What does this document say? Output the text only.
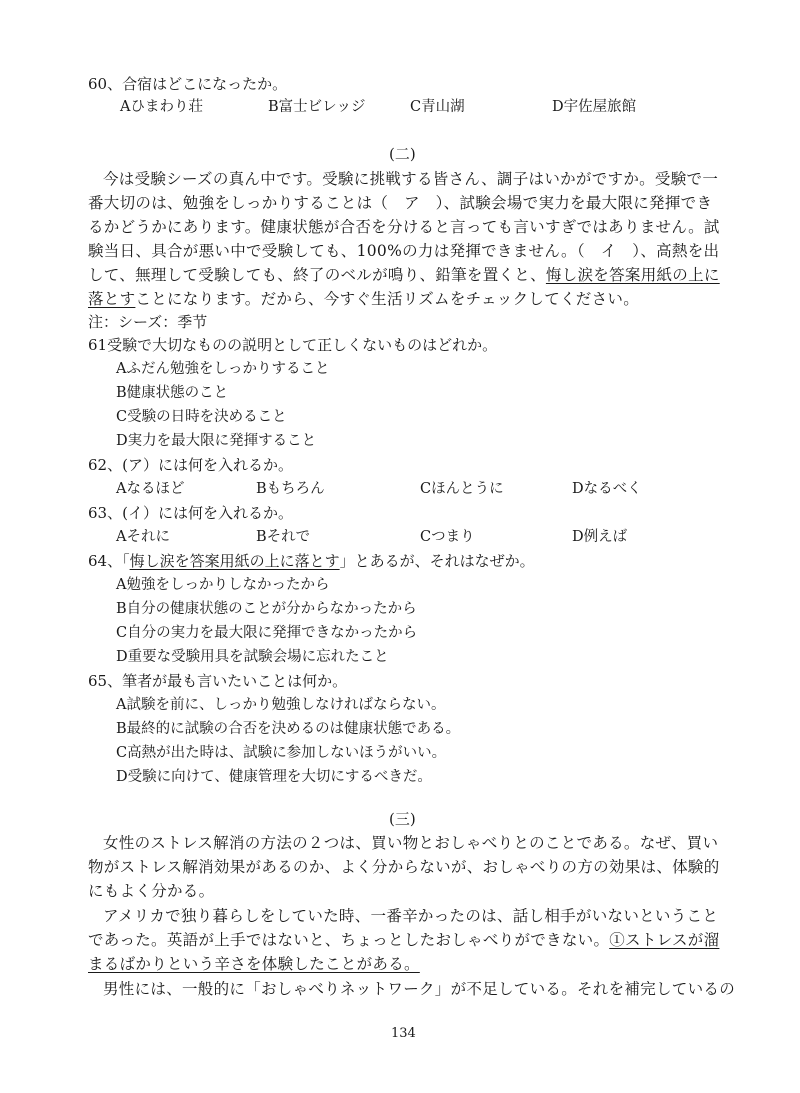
60、合宿はどこになったか。
Aひまわり荘	B富士ビレッジ	C青山湖	D宇佐屋旅館
(二)
今は受験シーズの真ん中です。受験に挑戦する皆さん、調子はいかがですか。受験で一
番大切のは、勉強をしっかりすることは（　ア　）、試験会場で実力を最大限に発揮でき
るかどうかにあります。健康状態が合否を分けると言っても言いすぎではありません。試
験当日、具合が悪い中で受験しても、100%の力は発揮できません。（　イ　）、高熱を出
して、無理して受験しても、終了のベルが鳴り、鉛筆を置くと、悔し涙を答案用紙の上に
落とすことになります。だから、今すぐ生活リズムをチェックしてください。
注：シーズ：季节
61受験で大切なものの説明として正しくないものはどれか。
Aふだん勉強をしっかりすること
B健康状態のこと
C受験の日時を決めること
D実力を最大限に発揮すること
62、(ア）には何を入れるか。
Aなるほど	Bもちろん	Cほんとうに	Dなるべく
63、(イ）には何を入れるか。
Aそれに	Bそれで	Cつまり	D例えば
64、「悔し涙を答案用紙の上に落とす」とあるが、それはなぜか。
A勉強をしっかりしなかったから
B自分の健康状態のことが分からなかったから
C自分の実力を最大限に発揮できなかったから
D重要な受験用具を試験会場に忘れたこと
65、筆者が最も言いたいことは何か。
A試験を前に、しっかり勉強しなければならない。
B最終的に試験の合否を決めるのは健康状態である。
C高熱が出た時は、試験に参加しないほうがいい。
D受験に向けて、健康管理を大切にするべきだ。
(三)
女性のストレス解消の方法の２つは、買い物とおしゃべりとのことである。なぜ、買い
物がストレス解消効果があるのか、よく分からないが、おしゃべりの方の効果は、体験的
にもよく分かる。
アメリカで独り暮らしをしていた時、一番辛かったのは、話し相手がいないということ
であった。英語が上手ではないと、ちょっとしたおしゃべりができない。①ストレスが溜
まるばかりという辛さを体験したことがある。
男性には、一般的に「おしゃべりネットワーク」が不足している。それを補完しているの
134
